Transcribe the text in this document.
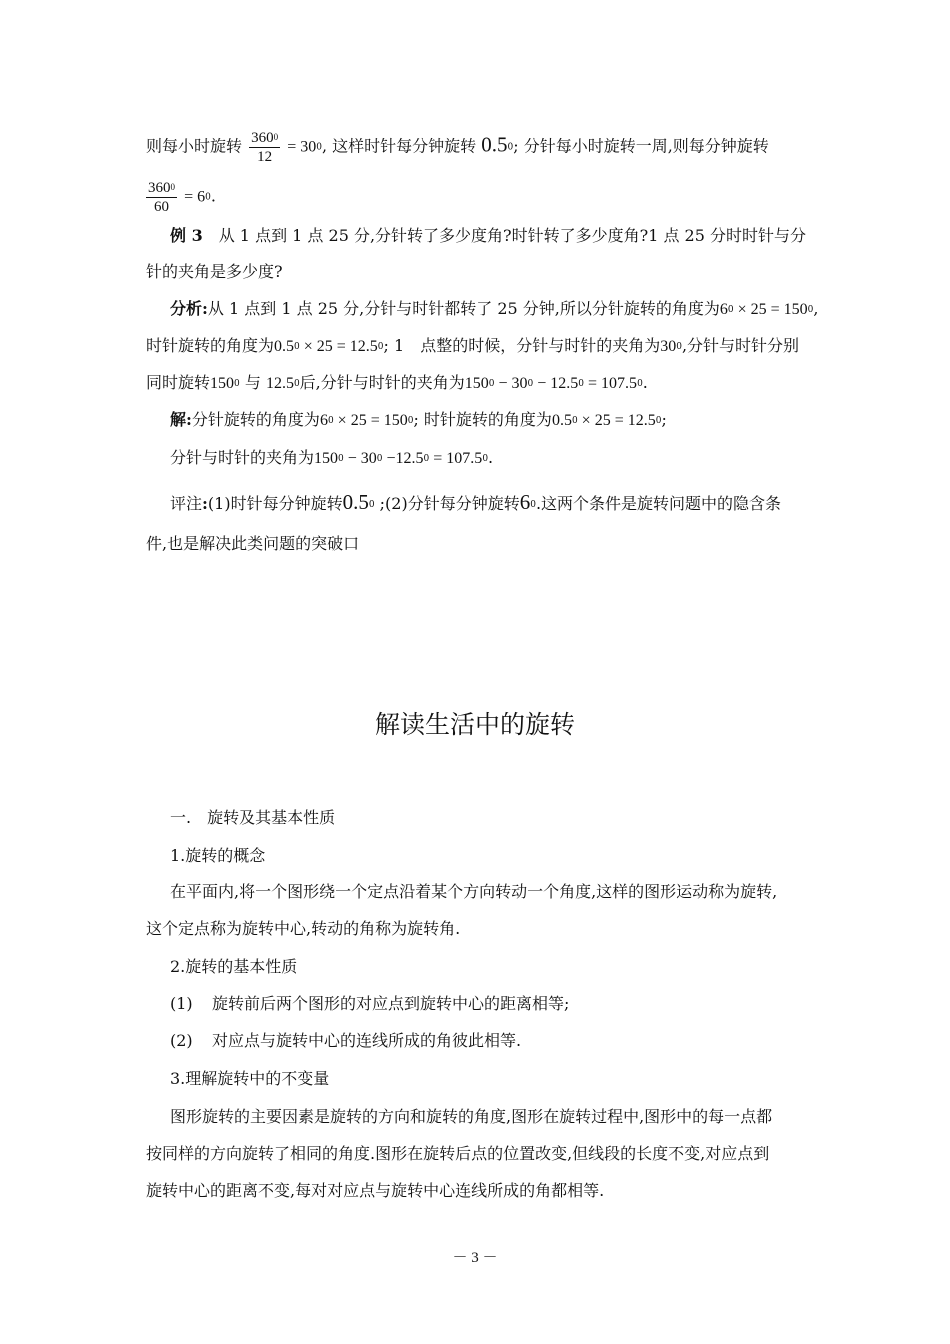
则每小时旋转 $\frac{360^0}{12} = 30^0$, 这样时针每分钟旋转 $0.5^0$; 分针每小时旋转一周,则每分钟旋转
$\frac{360^0}{60} = 6^0$.
例 3　从 1 点到 1 点 25 分,分针转了多少度角?时针转了多少度角?1 点 25 分时时针与分
针的夹角是多少度?
分析:从 1 点到 1 点 25 分,分针与时针都转了 25 分钟,所以分针旋转的角度为$6^0 \times 25 = 150^0$,
时针旋转的角度为$0.5^0 \times 25 = 12.5^0$; 1　点整的时候，分针与时针的夹角为$30^0$,分针与时针分别
同时旋转$150^0$ 与 12.5$^0$后,分针与时针的夹角为$150^0 - 30^0 - 12.5^0 = 107.5^0$.
解:分针旋转的角度为$6^0 \times 25 = 150^0$; 时针旋转的角度为$0.5^0 \times 25 = 12.5^0$;
分针与时针的夹角为$150^0 - 30^0 -12.5^0 = 107.5^0$.
评注:(1)时针每分钟旋转$0.5^0$ ;(2)分针每分钟旋转$6^0$.这两个条件是旋转问题中的隐含条
件,也是解决此类问题的突破口
解读生活中的旋转
一.　旋转及其基本性质
1.旋转的概念
在平面内,将一个图形绕一个定点沿着某个方向转动一个角度,这样的图形运动称为旋转,
这个定点称为旋转中心,转动的角称为旋转角.
2.旋转的基本性质
(1) 旋转前后两个图形的对应点到旋转中心的距离相等;
(2) 对应点与旋转中心的连线所成的角彼此相等.
3.理解旋转中的不变量
图形旋转的主要因素是旋转的方向和旋转的角度,图形在旋转过程中,图形中的每一点都
按同样的方向旋转了相同的角度.图形在旋转后点的位置改变,但线段的长度不变,对应点到
旋转中心的距离不变,每对对应点与旋转中心连线所成的角都相等.
－ 3 －
